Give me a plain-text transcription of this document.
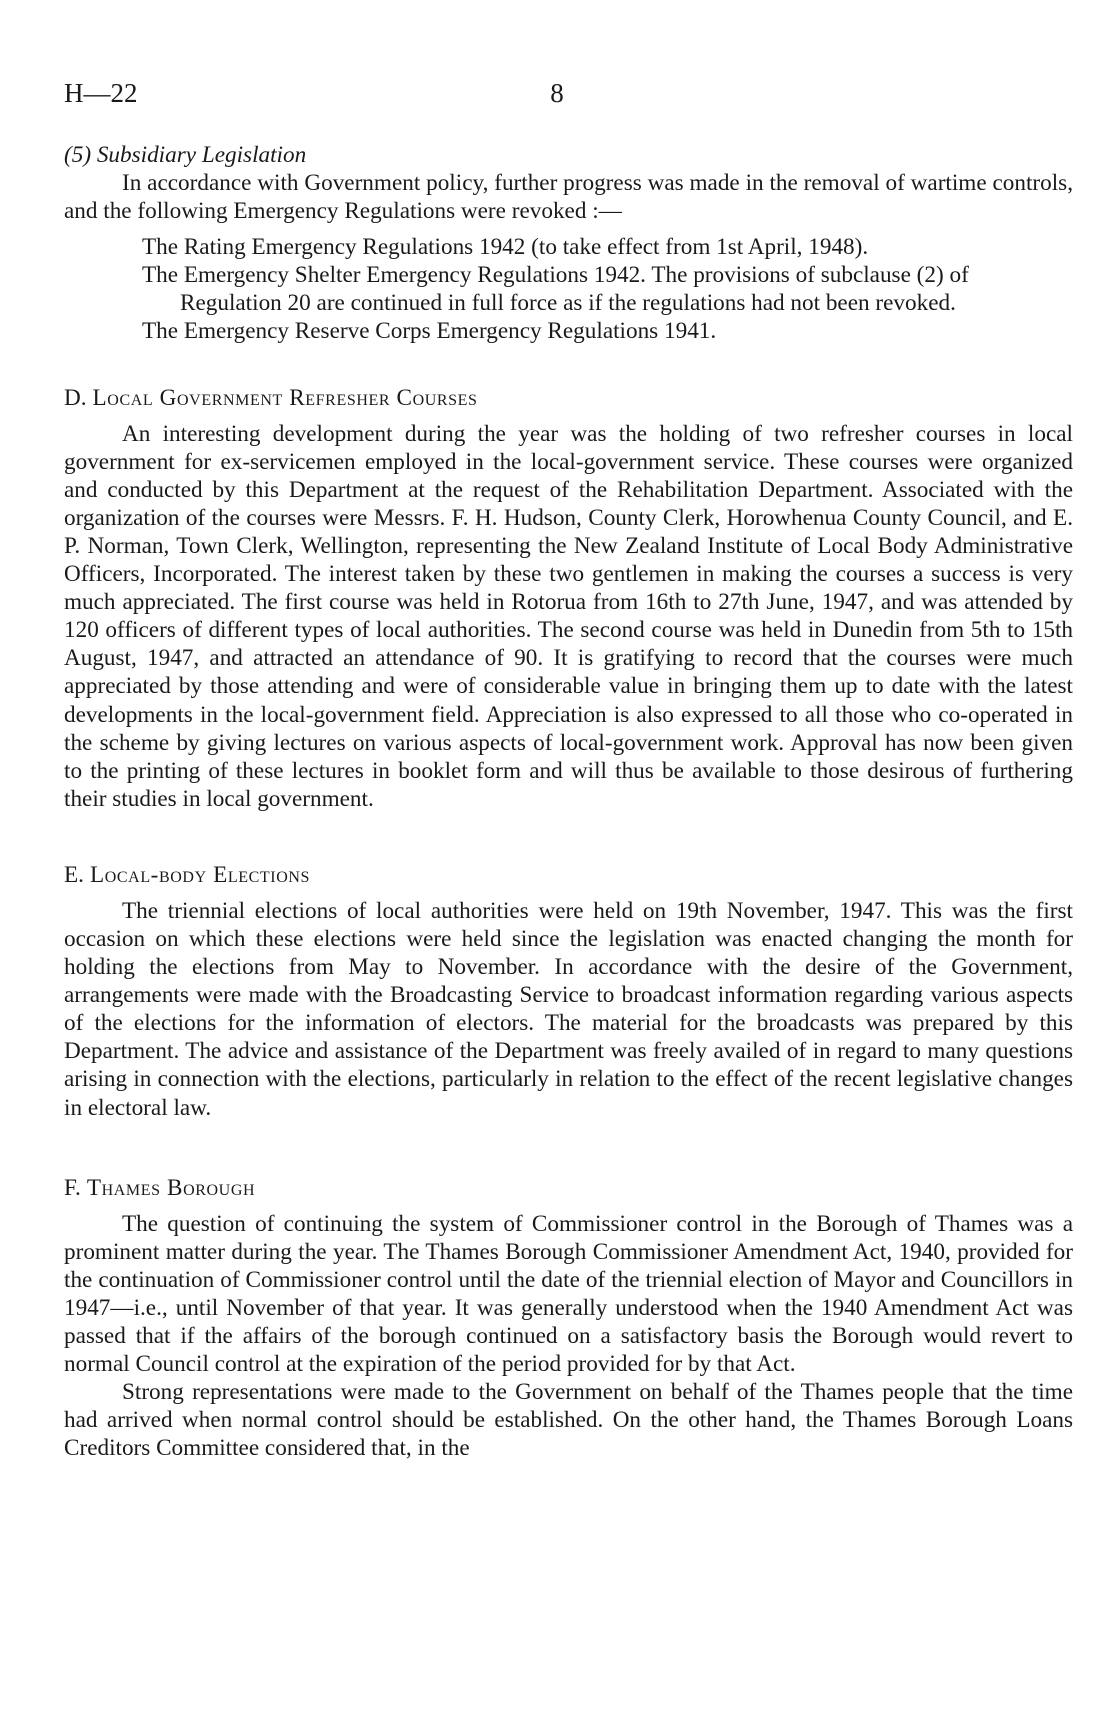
H—22	8

(5) Subsidiary Legislation

In accordance with Government policy, further progress was made in the removal of wartime controls, and the following Emergency Regulations were revoked :—

The Rating Emergency Regulations 1942 (to take effect from 1st April, 1948).
The Emergency Shelter Emergency Regulations 1942. The provisions of subclause (2) of Regulation 20 are continued in full force as if the regulations had not been revoked.
The Emergency Reserve Corps Emergency Regulations 1941.

D. Local Government Refresher Courses

An interesting development during the year was the holding of two refresher courses in local government for ex-servicemen employed in the local-government service. These courses were organized and conducted by this Department at the request of the Rehabilitation Department. Associated with the organization of the courses were Messrs. F. H. Hudson, County Clerk, Horowhenua County Council, and E. P. Norman, Town Clerk, Wellington, representing the New Zealand Institute of Local Body Administrative Officers, Incorporated. The interest taken by these two gentlemen in making the courses a success is very much appreciated. The first course was held in Rotorua from 16th to 27th June, 1947, and was attended by 120 officers of different types of local authorities. The second course was held in Dunedin from 5th to 15th August, 1947, and attracted an attendance of 90. It is gratifying to record that the courses were much appreciated by those attending and were of considerable value in bringing them up to date with the latest developments in the local-government field. Appreciation is also expressed to all those who co-operated in the scheme by giving lectures on various aspects of local-government work. Approval has now been given to the printing of these lectures in booklet form and will thus be available to those desirous of furthering their studies in local government.

E. Local-body Elections

The triennial elections of local authorities were held on 19th November, 1947. This was the first occasion on which these elections were held since the legislation was enacted changing the month for holding the elections from May to November. In accordance with the desire of the Government, arrangements were made with the Broadcasting Service to broadcast information regarding various aspects of the elections for the information of electors. The material for the broadcasts was prepared by this Department. The advice and assistance of the Department was freely availed of in regard to many questions arising in connection with the elections, particularly in relation to the effect of the recent legislative changes in electoral law.

F. Thames Borough

The question of continuing the system of Commissioner control in the Borough of Thames was a prominent matter during the year. The Thames Borough Commissioner Amendment Act, 1940, provided for the continuation of Commissioner control until the date of the triennial election of Mayor and Councillors in 1947—i.e., until November of that year. It was generally understood when the 1940 Amendment Act was passed that if the affairs of the borough continued on a satisfactory basis the Borough would revert to normal Council control at the expiration of the period provided for by that Act.

Strong representations were made to the Government on behalf of the Thames people that the time had arrived when normal control should be established. On the other hand, the Thames Borough Loans Creditors Committee considered that, in the
